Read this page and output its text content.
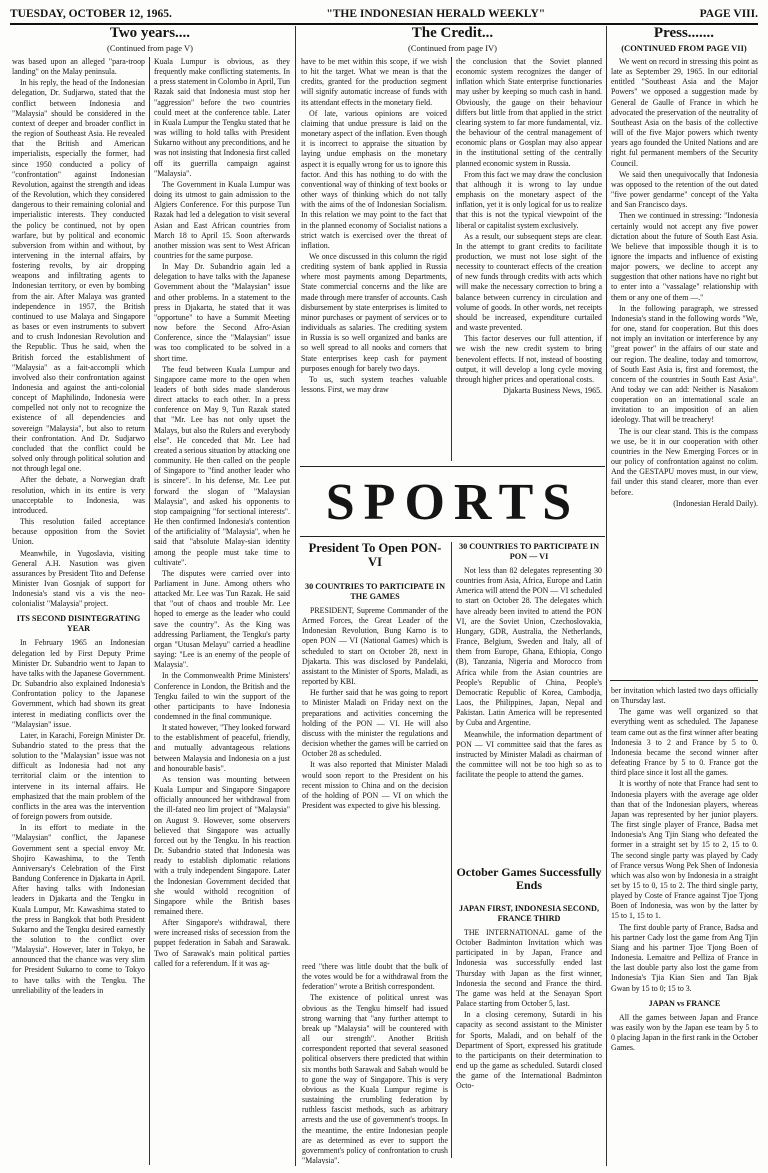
TUESDAY, OCTOBER 12, 1965.	"THE INDONESIAN HERALD WEEKLY"	PAGE VIII.
Two years....
(Continued from page V)

was based upon an alleged "para-troop landing" on the Malay peninsula.

In his reply, the head of the Indonesian delegation, Dr. Sudjarwo, stated that the conflict between Indonesia and "Malaysia" should be considered in the context of deeper and broader conflict in the region of Southeast Asia. He revealed that the British and American imperialists, especially the former, had since 1950 conducted a policy of "confrontation" against Indonesian Revolution, against the strength and ideas of the Revolution, which they considered dangerous to their remaining colonial and imperialistic interests. They conducted the policy be continued, not by open warfare, but by political and economic subversion from within and without, by intervening in the internal affairs, by fostering revolts, by air dropping weapons and infiltrating agents to Indonesian territory, or even by bombing from the air. After Malaya was granted independence in 1957, the British continued to use Malaya and Singapore as bases or even instruments to subvert and to crush Indonesian Revolution and the Republic. Thus he said, when the British forced the establishment of "Malaysia" as a fait-accompli which involved also their confrontation against Indonesia and against the anti-colonial concept of Maphilindo, Indonesia were compelled not only not to recognize the existence of all dependencies and sovereign "Malaysia", but also to return their confrontation. And Dr. Sudjarwo concluded that the conflict could be solved only through political solution and not through legal one.

After the debate, a Norwegian draft resolution, which in its entire is very unacceptable to Indonesia, was introduced.

This resolution failed acceptance because opposition from the Soviet Union.

Meanwhile, in Yugoslavia, visiting General A.H. Nasution was given assurances by President Tito and Defense Minister Ivan Gosnjak of support for Indonesia's stand vis a vis the neo-colonialist "Malaysia" project.

ITS SECOND DISINTEGRATING YEAR

In February 1965 an Indonesian delegation led by First Deputy Prime Minister Dr. Subandrio went to Japan to have talks with the Japanese Government. Dr. Subandrio also explained Indonesia's Confrontation policy to the Japanese Government, which had shown its great interest in mediating conflicts over the "Malaysian" issue.

Later, in Karachi, Foreign Minister Dr. Subandrio stated to the press that the solution to the "Malaysian" issue was not difficult as Indonesia had not any territorial claim or the intention to intervene in its internal affairs. He emphasized that the main problem of the conflicts in the area was the intervention of foreign powers from outside.

In its effort to mediate in the "Malaysian" conflict, the Japanese Government sent a special envoy Mr. Shojiro Kawashima, to the Tenth Anniversary's Celebration of the First Bandung Conference in Djakarta in April. After having talks with Indonesian leaders in Djakarta and the Tengku in Kuala Lumpur, Mr. Kawashima stated to the press in Bangkok that both President Sukarno and the Tengku desired earnestly the solution to the conflict over "Malaysia". However, later in Tokyo, he announced that the chance was very slim for President Sukarno to come to Tokyo to have talks with the Tengku. The unreliability of the leaders in

Kuala Lumpur is obvious, as they frequently make conflicting statements. In a press statement in Colombo in April, Tun Razak said that Indonesia must stop her "aggression" before the two countries could meet at the conference table. Later in Kuala Lumpur the Tengku stated that he was willing to hold talks with President Sukarno without any preconditions, and he was not insisting that Indonesia first called off its guerrilla campaign against "Malaysia".

The Government in Kuala Lumpur was doing its utmost to gain admission to the Algiers Conference. For this purpose Tun Razak had led a delegation to visit several Asian and East African countries from March 18 to April 15. Soon afterwards another mission was sent to West African countries for the same purpose.

In May Dr. Subandrio again led a delegation to have talks with the Japanese Government about the "Malaysian" issue and other problems. In a statement to the press in Djakarta, he stated that it was "opportune" to have a Summit Meeting now before the Second Afro-Asian Conference, since the "Malaysian" issue was too complicated to be solved in a short time.

The feud between Kuala Lumpur and Singapore came more to the open when leaders of both sides made slanderous direct attacks to each other. In a press conference on May 9, Tun Razak stated that "Mr. Lee has not only upset the Malays, but also the Rulers and everybody else". He conceded that Mr. Lee had created a serious situation by attacking one community. He then called on the people of Singapore to "find another leader who is sincere". In his defense, Mr. Lee put forward the slogan of "Malaysian Malaysia", and asked his opponents to stop campaigning "for sectional interests". He then confirmed Indonesia's contention of the artificiality of "Malaysia", when he said that "absolute Malay-sian identity among the people must take time to cultivate".

The disputes were carried over into Parliament in June. Among others who attacked Mr. Lee was Tun Razak. He said that "out of chaos and trouble Mr. Lee hoped to emerge as the leader who could save the country". As the King was addressing Parliament, the Tengku's party organ "Utusan Melayu" carried a headline saying: "Lee is an enemy of the people of Malaysia".

In the Commonwealth Prime Ministers' Conference in London, the British and the Tengku failed to win the support of the other participants to have Indonesia condemned in the final communique.

It stated however, "They looked forward to the establishment of peaceful, friendly, and mutually advantageous relations between Malaysia and Indonesia on a just and honourable basis".

As tension was mounting between Kuala Lumpur and Singapore Singapore officially announced her withdrawal from the ill-fated neo lim project of "Malaysia" on August 9. However, some observers believed that Singapore was actually forced out by the Tengku. In his reaction Dr. Subandrio stated that Indonesia was ready to establish diplomatic relations with a truly independent Singapore. Later the Indonesian Government decided that she would withold recognition of Singapore while the British bases remained there.

After Singapore's withdrawal, there were increased risks of secession from the puppet federation in Sabah and Sarawak. Two of Sarawak's main political parties called for a referendum. If it was ag-

The Credit...
(Continued from page IV)

have to be met within this scope, if we wish to hit the target. What we mean is that the credits, granted for the production segment will signify automatic increase of funds with its attendant effects in the monetary field.

Of late, various opinions are voiced claiming that undue pressure is laid on the monetary aspect of the inflation. Even though it is incorrect to appraise the situation by laying undue emphasis on the monetary aspect it is equally wrong for us to ignore this factor. And this has nothing to do with the conventional way of thinking of text books or other ways of thinking which do not tally with the aims of the of Indonesian Socialism. In this relation we may point to the fact that in the planned economy of Socialist nations a strict watch is exercised over the threat of inflation.

We once discussed in this column the rigid crediting system of bank applied in Russia where most payments among Departments, State commercial concerns and the like are made through mere transfer of accounts. Cash disbursement by state enterprises is limited to minor purchases or payment of services or to individuals as salaries. The crediting system in Russia is so well organized and banks are so well spread to all nooks and corners that State enterprises keep cash for payment purposes enough for barely two days.

To us, such system teaches valuable lessons. First, we may draw

the conclusion that the Soviet planned economic system recognizes the danger of inflation which State enterprise functionaries may usher by keeping so much cash in hand. Obviously, the gauge on their behaviour differs but little from that applied in the strict clearing system to far more fundamental, viz. the behaviour of the central management of economic plans or Gosplan may also appear in the institutional setting of the centrally planned economic system in Russia.

From this fact we may draw the conclusion that although it is wrong to lay undue emphasis on the monetary aspect of the inflation, yet it is only logical for us to realize that this is not the typical viewpoint of the liberal or capitalist system exclusively.

As a result, our subsequent steps are clear. In the attempt to grant credits to facilitate production, we must not lose sight of the necessity to counteract effects of the creation of new funds through credits with acts which will make the necessary correction to bring a balance between currency in circulation and volume of goods. In other words, net receipts should be increased, expenditure curtailed and waste prevented.

This factor deserves our full attention, if we wish the new credit system to bring benevolent effects. If not, instead of boosting output, it will develop a long cycle moving through higher prices and operational costs.

Djakarta Business News, 1965.
SPORTS
President To Open PON-VI
30 COUNTRIES TO PARTICIPATE IN THE GAMES

PRESIDENT, Supreme Commander of the Armed Forces, the Great Leader of the Indonesian Revolution, Bung Karno is to open PON — VI (National Games) which is scheduled to start on October 28, next in Djakarta. This was disclosed by Pandelaki, assistant to the Minister of Sports, Maladi, as reported by KBI.

He further said that he was going to report to Minister Maladi on Friday next on the preparations and activities concerning the holding of the PON — VI. He will also discuss with the minister the regulations and decision whether the games will be carried on October 28 as scheduled.

It was also reported that Minister Maladi would soon report to the President on his recent mission to China and on the decision of the holding of PON — VI on which the President was expected to give his blessing.

30 COUNTRIES TO PARTICIPATE IN PON — VI

Not less than 82 delegates representing 30 countries from Asia, Africa, Europe and Latin America will attend the PON — VI scheduled to start on October 28. The delegates which have already been invited to attend the PON VI, are the Soviet Union, Czechoslovakia, Hungary, GDR, Australia, the Netherlands, France, Belgium, Sweden and Italy, all of them from Europe, Ghana, Ethiopia, Congo (B), Tanzania, Nigeria and Morocco from Africa while from the Asian countries are People's Republic of China, People's Democratic Republic of Korea, Cambodja, Laos, the Philippines, Japan, Nepal and Pakistan. Latin America will be represented by Cuba and Argentine.

Meanwhile, the information department of PON — VI committee said that the fares as instructed by Minister Maladi as chairman of the committee will not be too high so as to facilitate the people to attend the games.

October Games Successfully Ends
JAPAN FIRST, INDONESIA SECOND, FRANCE THIRD

THE INTERNATIONAL game of the October Badminton Invitation which was participated in by Japan, France and Indonesia was successfully ended last Thursday with Japan as the first winner, Indonesia the second and France the third. The game was held at the Senayan Sport Palace starting from October 5, last.

In a closing ceremony, Sutardi in his capacity as second assistant to the Minister for Sports, Maladi, and on behalf of the Department of Sport, expressed his gratitude to the participants on their determination to end up the game as scheduled. Sutardi closed the game of the International Badminton Octo-

reed "there was little doubt that the bulk of the votes would be for a withdrawal from the federation" wrote a British correspondent.

The existence of political unrest was obvious as the Tengku himself had issued strong warning that "any further attempt to break up "Malaysia" will be countered with all our strength". Another British correspondent reported that several seasoned political observers there predicted that within six months both Sarawak and Sabah would be to gone the way of Singapore. This is very obvious as the Kuala Lumpur regime is sustaining the crumbling federation by ruthless fascist methods, such as arbitrary arrests and the use of government's troops. In the meantime, the entire Indonesian people are as determined as ever to support the government's policy of confrontation to crush "Malaysia".

Press.......
(CONTINUED FROM PAGE VII)

We went on record in stressing this point as late as September 29, 1965. In our editorial entitled "Southeast Asia and the Major Powers" we opposed a suggestion made by General de Gaulle of France in which he advocated the preservation of the neutrality of Southeast Asia on the basis of the collective will of the five Major powers which twenty years ago founded the United Nations and are right ful permanent members of the Security Council.

We said then unequivocally that Indonesia was opposed to the retention of the out dated "five power gendarme" concept of the Yalta and San Francisco days.

Then we continued in stressing: "Indonesia certainly would not accept any five power dictation about the future of South East Asia. We believe that impossible though it is to ignore the impacts and influence of existing major powers, we decline to accept any suggestion that other nations have no right but to enter into a "vassalage" relationship with them or any one of them —."

In the following paragraph, we stressed Indonesia's stand in the following words "We, for one, stand for cooperation. But this does not imply an invitation or interference by any "great power" in the affairs of our state and our region. The dealine, today and tomorrow, of South East Asia is, first and foremost, the concern of the countries in South East Asia". And today we can add: Neither is Nasakom cooperation on an international scale an invitation to an imposition of an alien ideology. That will be treachery!

The is our clear stand. This is the compass we use, be it in our cooperation with other countries in the New Emerging Forces or in our policy of confrontation against no colim. And the GESTAPU moves must, in our view, fail under this stand clearer, more than ever before.

(Indonesian Herald Daily).

ber invitation which lasted two days officially on Thursday last.

The game was well organized so that everything went as scheduled. The Japanese team came out as the first winner after beating Indonesia 3 to 2 and France by 5 to 0. Indonesia became the second winner after defeating France by 5 to 0. France got the third place since it lost all the games.

It is worthy of note that France had sent to Indonesia players with the average age older than that of the Indonesian players, whereas Japan was represented by her junior players. The first single player of France, Badsa met Indonesia's Ang Tjin Siang who defeated the former in a straight set by 15 to 2, 15 to 0. The second single party was played by Cady of France versus Wong Pek Shen of Indonesia which was also won by Indonesia in a straight set by 15 to 0, 15 to 2. The third single party, played by Coste of France against Tjoe Tjong Boen of Indonesia, was won by the latter by 15 to 1, 15 to 1.

The first double party of France, Badsa and his partner Cady lost the game from Ang Tjin Siang and his partner Tjoe Tjong Boen of Indonesia. Lemaitre and Pelliza of France in the last double party also lost the game from Indonesia's Tjia Kian Sien and Tan Bjak Gwan by 15 to 0; 15 to 3.

JAPAN vs FRANCE

All the games between Japan and France was easily won by the Japan ese team by 5 to 0 placing Japan in the first rank in the October Games.
